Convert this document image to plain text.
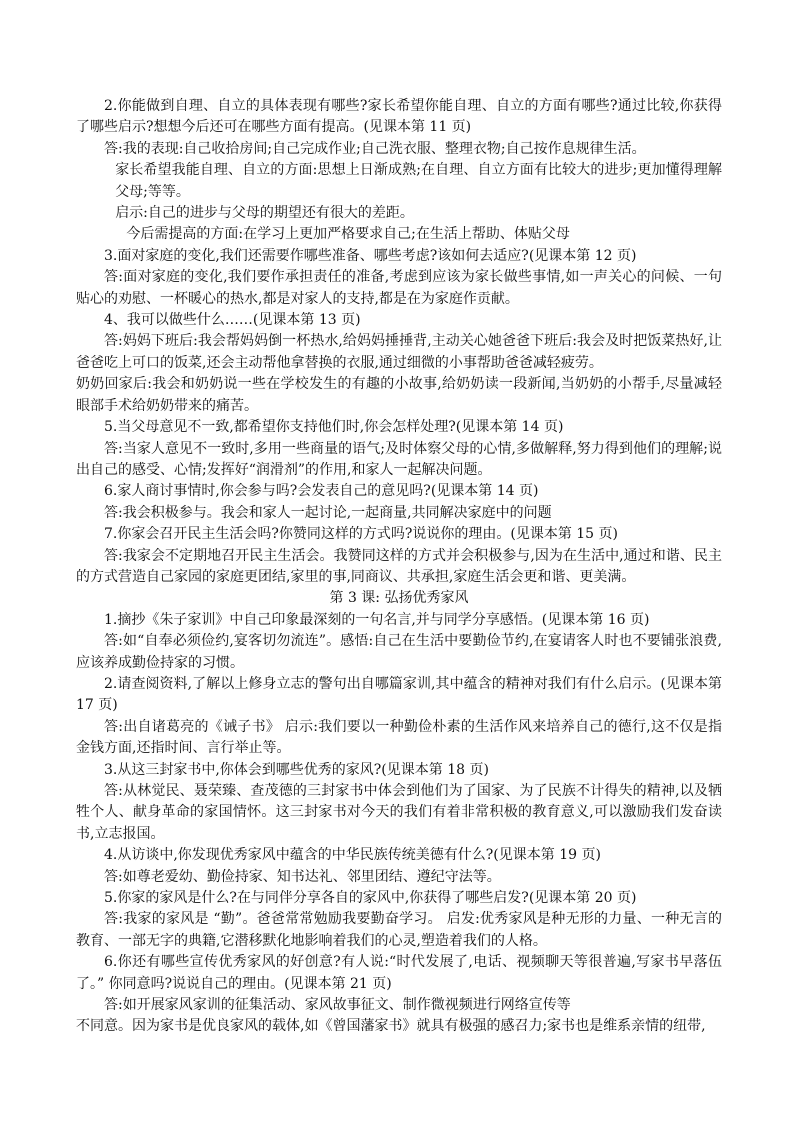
2.你能做到自理、自立的具体表现有哪些?家长希望你能自理、自立的方面有哪些?通过比较,你获得了哪些启示?想想今后还可在哪些方面有提高。(见课本第 11 页)

答:我的表现:自己收拾房间;自己完成作业;自己洗衣服、整理衣物;自己按作息规律生活。

家长希望我能自理、自立的方面:思想上日渐成熟;在自理、自立方面有比较大的进步;更加懂得理解父母;等等。

启示:自己的进步与父母的期望还有很大的差距。

今后需提高的方面:在学习上更加严格要求自己;在生活上帮助、体贴父母

3.面对家庭的变化,我们还需要作哪些准备、哪些考虑?该如何去适应?(见课本第 12 页)

答:面对家庭的变化,我们要作承担责任的准备,考虑到应该为家长做些事情,如一声关心的问候、一句贴心的劝慰、一杯暖心的热水,都是对家人的支持,都是在为家庭作贡献。

4、我可以做些什么……(见课本第 13 页)

答:妈妈下班后:我会帮妈妈倒一杯热水,给妈妈捶捶背,主动关心她爸爸下班后:我会及时把饭菜热好,让爸爸吃上可口的饭菜,还会主动帮他拿替换的衣服,通过细微的小事帮助爸爸减轻疲劳。

奶奶回家后:我会和奶奶说一些在学校发生的有趣的小故事,给奶奶读一段新闻,当奶奶的小帮手,尽量减轻眼部手术给奶奶带来的痛苦。

5.当父母意见不一致,都希望你支持他们时,你会怎样处理?(见课本第 14 页)

答:当家人意见不一致时,多用一些商量的语气;及时体察父母的心情,多做解释,努力得到他们的理解;说出自己的感受、心情;发挥好“润滑剂”的作用,和家人一起解决问题。

6.家人商讨事情时,你会参与吗?会发表自己的意见吗?(见课本第 14 页)

答:我会积极参与。我会和家人一起讨论,一起商量,共同解决家庭中的问题

7.你家会召开民主生活会吗?你赞同这样的方式吗?说说你的理由。(见课本第 15 页)

答:我家会不定期地召开民主生活会。我赞同这样的方式并会积极参与,因为在生活中,通过和谐、民主的方式营造自己家园的家庭更团结,家里的事,同商议、共承担,家庭生活会更和谐、更美满。

第 3 课: 弘扬优秀家风

1.摘抄《朱子家训》中自己印象最深刻的一句名言,并与同学分享感悟。(见课本第 16 页)

答:如“自奉必须俭约,宴客切勿流连”。感悟:自己在生活中要勤俭节约,在宴请客人时也不要铺张浪费,应该养成勤俭持家的习惯。

2.请查阅资料,了解以上修身立志的警句出自哪篇家训,其中蕴含的精神对我们有什么启示。(见课本第 17 页)

答:出自诸葛亮的《诫子书》 启示:我们要以一种勤俭朴素的生活作风来培养自己的德行,这不仅是指金钱方面,还指时间、言行举止等。

3.从这三封家书中,你体会到哪些优秀的家风?(见课本第 18 页)

答:从林觉民、聂荣臻、查茂德的三封家书中体会到他们为了国家、为了民族不计得失的精神,以及牺牲个人、献身革命的家国情怀。这三封家书对今天的我们有着非常积极的教育意义,可以激励我们发奋读书,立志报国。

4.从访谈中,你发现优秀家风中蕴含的中华民族传统美德有什么?(见课本第 19 页)

答:如尊老爱幼、勤俭持家、知书达礼、邻里团结、遵纪守法等。

5.你家的家风是什么?在与同伴分享各自的家风中,你获得了哪些启发?(见课本第 20 页)

答:我家的家风是 “勤”。爸爸常常勉励我要勤奋学习。 启发:优秀家风是种无形的力量、一种无言的教育、一部无字的典籍,它潜移默化地影响着我们的心灵,塑造着我们的人格。

6.你还有哪些宣传优秀家风的好创意?有人说:“时代发展了,电话、视频聊天等很普遍,写家书早落伍了。” 你同意吗?说说自己的理由。(见课本第 21 页)

答:如开展家风家训的征集活动、家风故事征文、制作微视频进行网络宣传等

不同意。因为家书是优良家风的载体,如《曾国藩家书》就具有极强的感召力;家书也是维系亲情的纽带,
